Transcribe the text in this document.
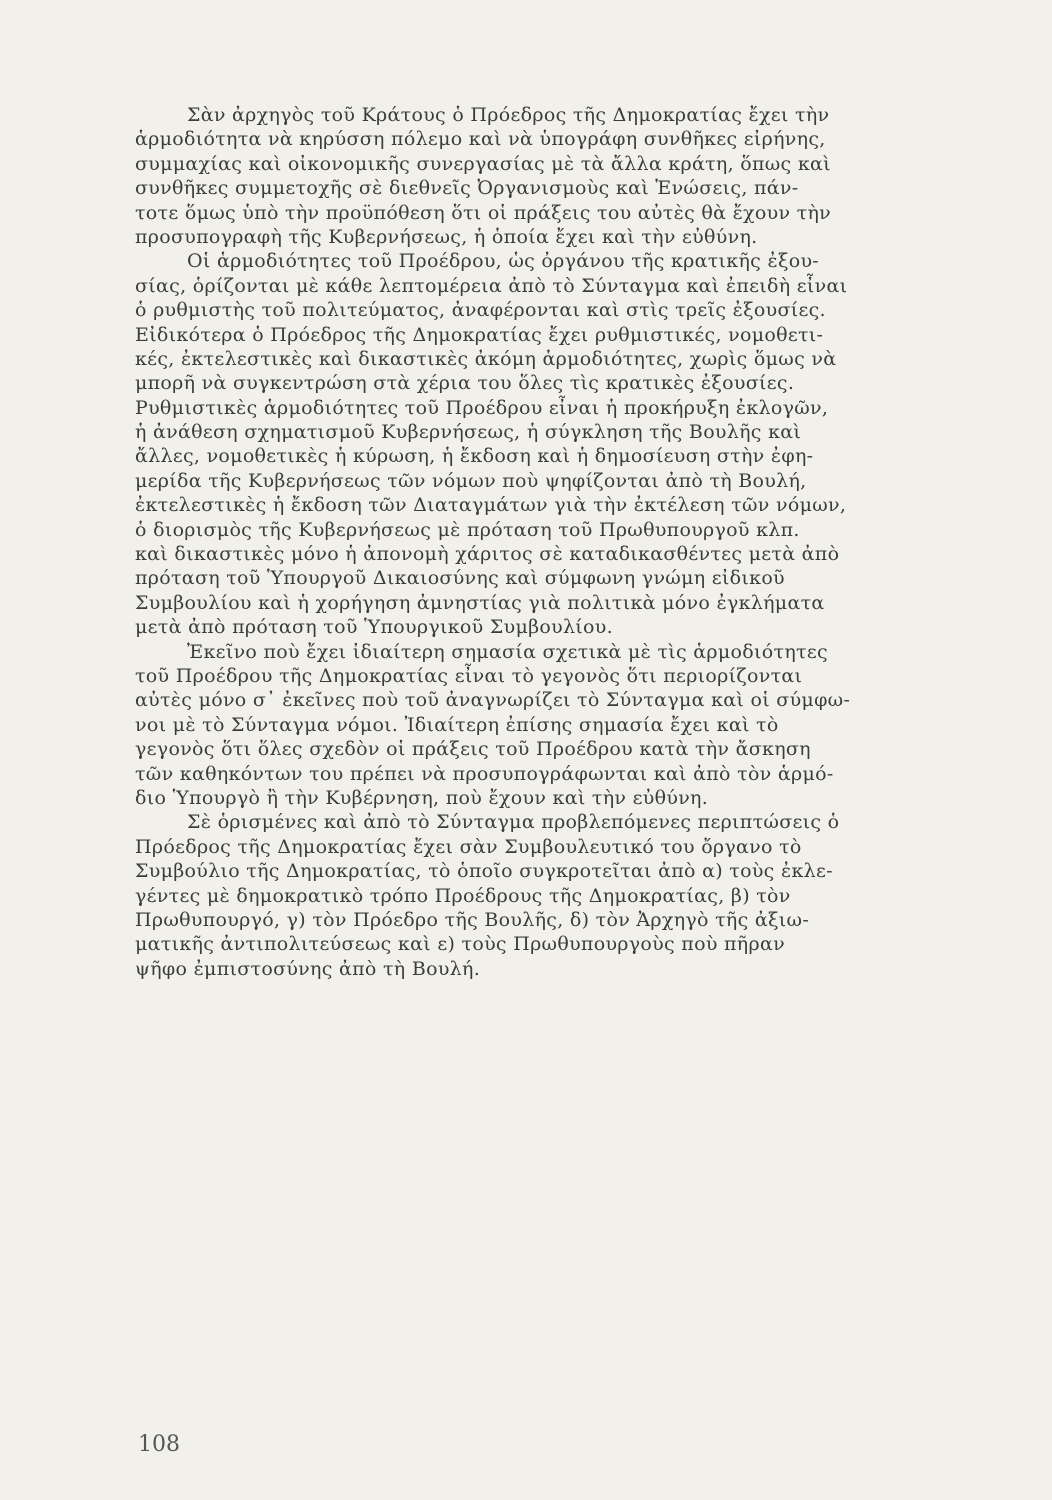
Σὰν ἀρχηγὸς τοῦ Κράτους ὁ Πρόεδρος τῆς Δημοκρατίας ἔχει τὴν
ἁρμοδιότητα νὰ κηρύσση πόλεμο καὶ νὰ ὑπογράφη συνθῆκες εἰρήνης,
συμμαχίας καὶ οἰκονομικῆς συνεργασίας μὲ τὰ ἄλλα κράτη, ὅπως καὶ
συνθῆκες συμμετοχῆς σὲ διεθνεῖς Ὀργανισμοὺς καὶ Ἑνώσεις, πάν-
τοτε ὅμως ὑπὸ τὴν προϋπόθεση ὅτι οἱ πράξεις του αὐτὲς θὰ ἔχουν τὴν
προσυπογραφὴ τῆς Κυβερνήσεως, ἡ ὁποία ἔχει καὶ τὴν εὐθύνη.
Οἱ ἁρμοδιότητες τοῦ Προέδρου, ὡς ὀργάνου τῆς κρατικῆς ἐξου-
σίας, ὁρίζονται μὲ κάθε λεπτομέρεια ἀπὸ τὸ Σύνταγμα καὶ ἐπειδὴ εἶναι
ὁ ρυθμιστὴς τοῦ πολιτεύματος, ἀναφέρονται καὶ στὶς τρεῖς ἐξουσίες.
Εἰδικότερα ὁ Πρόεδρος τῆς Δημοκρατίας ἔχει ρυθμιστικές, νομοθετι-
κές, ἐκτελεστικὲς καὶ δικαστικὲς ἀκόμη ἁρμοδιότητες, χωρὶς ὅμως νὰ
μπορῆ νὰ συγκεντρώση στὰ χέρια του ὅλες τὶς κρατικὲς ἐξουσίες.
Ρυθμιστικὲς ἁρμοδιότητες τοῦ Προέδρου εἶναι ἡ προκήρυξη ἐκλογῶν,
ἡ ἀνάθεση σχηματισμοῦ Κυβερνήσεως, ἡ σύγκληση τῆς Βουλῆς καὶ
ἄλλες, νομοθετικὲς ἡ κύρωση, ἡ ἔκδοση καὶ ἡ δημοσίευση στὴν ἐφη-
μερίδα τῆς Κυβερνήσεως τῶν νόμων ποὺ ψηφίζονται ἀπὸ τὴ Βουλή,
ἐκτελεστικὲς ἡ ἔκδοση τῶν Διαταγμάτων γιὰ τὴν ἐκτέλεση τῶν νόμων,
ὁ διορισμὸς τῆς Κυβερνήσεως μὲ πρόταση τοῦ Πρωθυπουργοῦ κλπ.
καὶ δικαστικὲς μόνο ἡ ἀπονομὴ χάριτος σὲ καταδικασθέντες μετὰ ἀπὸ
πρόταση τοῦ Ὑπουργοῦ Δικαιοσύνης καὶ σύμφωνη γνώμη εἰδικοῦ
Συμβουλίου καὶ ἡ χορήγηση ἀμνηστίας γιὰ πολιτικὰ μόνο ἐγκλήματα
μετὰ ἀπὸ πρόταση τοῦ Ὑπουργικοῦ Συμβουλίου.
Ἐκεῖνο ποὺ ἔχει ἰδιαίτερη σημασία σχετικὰ μὲ τὶς ἁρμοδιότητες
τοῦ Προέδρου τῆς Δημοκρατίας εἶναι τὸ γεγονὸς ὅτι περιορίζονται
αὐτὲς μόνο σ᾽ ἐκεῖνες ποὺ τοῦ ἀναγνωρίζει τὸ Σύνταγμα καὶ οἱ σύμφω-
νοι μὲ τὸ Σύνταγμα νόμοι. Ἰδιαίτερη ἐπίσης σημασία ἔχει καὶ τὸ
γεγονὸς ὅτι ὅλες σχεδὸν οἱ πράξεις τοῦ Προέδρου κατὰ τὴν ἄσκηση
τῶν καθηκόντων του πρέπει νὰ προσυπογράφωνται καὶ ἀπὸ τὸν ἁρμό-
διο Ὑπουργὸ ἢ τὴν Κυβέρνηση, ποὺ ἔχουν καὶ τὴν εὐθύνη.
Σὲ ὁρισμένες καὶ ἀπὸ τὸ Σύνταγμα προβλεπόμενες περιπτώσεις ὁ
Πρόεδρος τῆς Δημοκρατίας ἔχει σὰν Συμβουλευτικό του ὄργανο τὸ
Συμβούλιο τῆς Δημοκρατίας, τὸ ὁποῖο συγκροτεῖται ἀπὸ α) τοὺς ἐκλε-
γέντες μὲ δημοκρατικὸ τρόπο Προέδρους τῆς Δημοκρατίας, β) τὸν
Πρωθυπουργό, γ) τὸν Πρόεδρο τῆς Βουλῆς, δ) τὸν Ἀρχηγὸ τῆς ἀξιω-
ματικῆς ἀντιπολιτεύσεως καὶ ε) τοὺς Πρωθυπουργοὺς ποὺ πῆραν
ψῆφο ἐμπιστοσύνης ἀπὸ τὴ Βουλή.
108
